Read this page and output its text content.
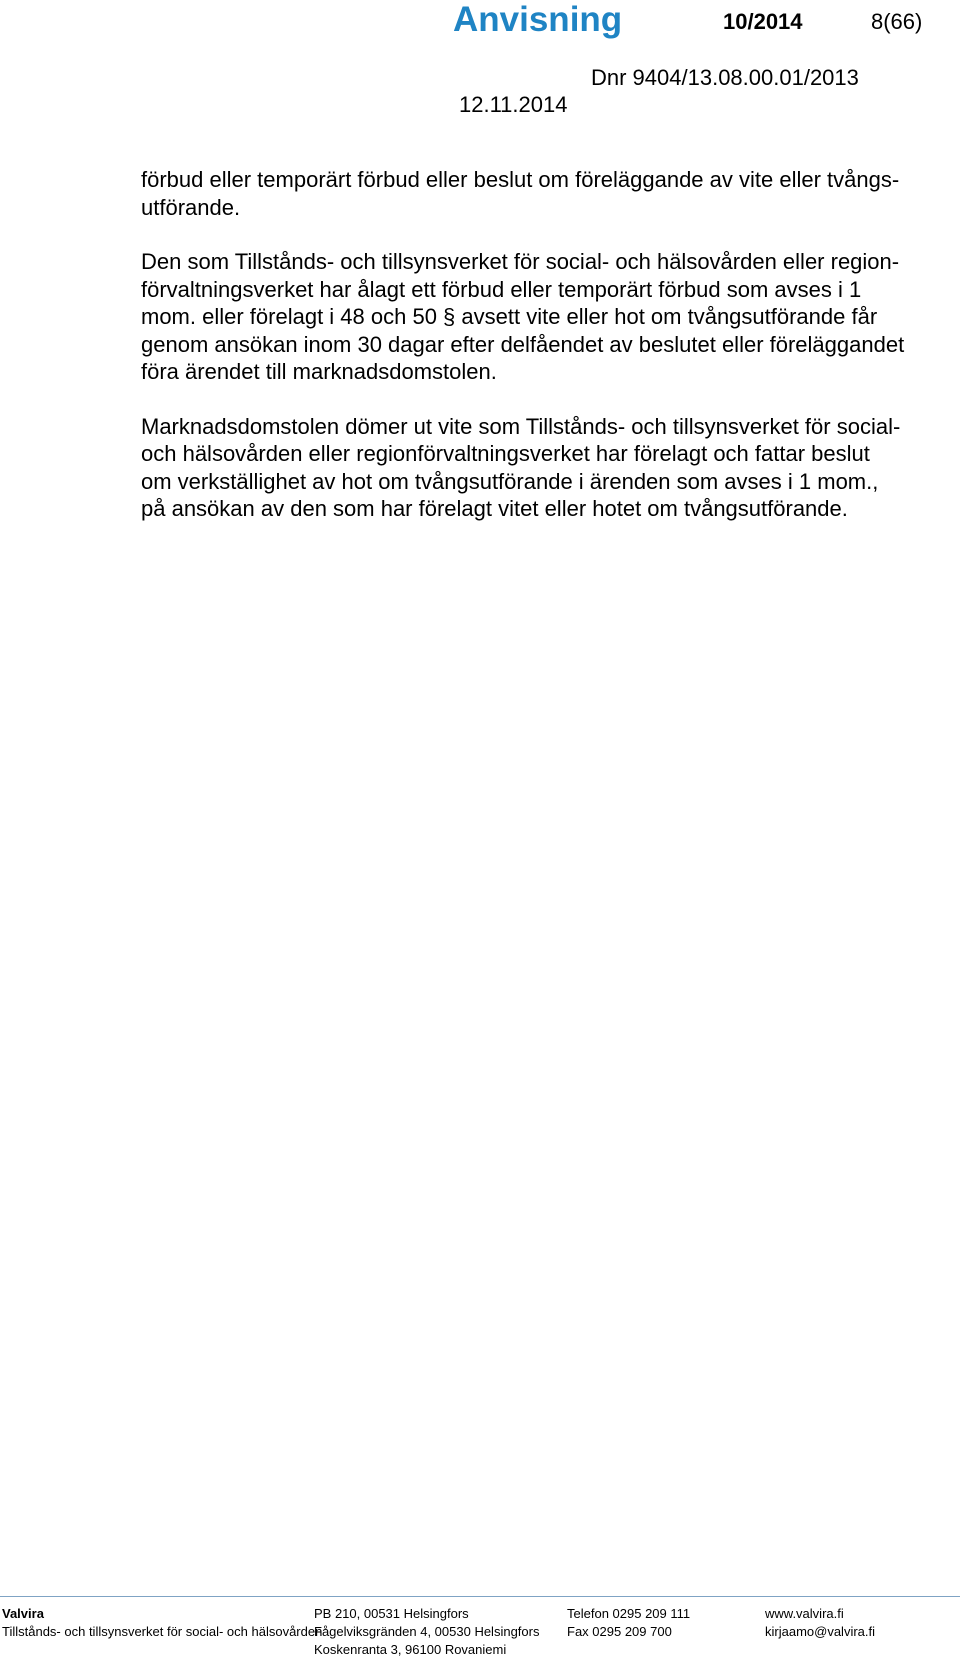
Anvisning	10/2014	8(66)
Dnr 9404/13.08.00.01/2013
12.11.2014

förbud eller temporärt förbud eller beslut om föreläggande av vite eller tvångs-
utförande.

Den som Tillstånds- och tillsynsverket för social- och hälsovården eller region-
förvaltningsverket har ålagt ett förbud eller temporärt förbud som avses i 1
mom. eller förelagt i 48 och 50 § avsett vite eller hot om tvångsutförande får
genom ansökan inom 30 dagar efter delfåendet av beslutet eller föreläggandet
föra ärendet till marknadsdomstolen.

Marknadsdomstolen dömer ut vite som Tillstånds- och tillsynsverket för social-
och hälsovården eller regionförvaltningsverket har förelagt och fattar beslut
om verkställighet av hot om tvångsutförande i ärenden som avses i 1 mom.,
på ansökan av den som har förelagt vitet eller hotet om tvångsutförande.

Valvira
Tillstånds- och tillsynsverket för social- och hälsovården
PB 210, 00531 Helsingfors
Fågelviksgränden 4, 00530 Helsingfors
Koskenranta 3, 96100 Rovaniemi
Telefon 0295 209 111
Fax 0295 209 700
www.valvira.fi
kirjaamo@valvira.fi
